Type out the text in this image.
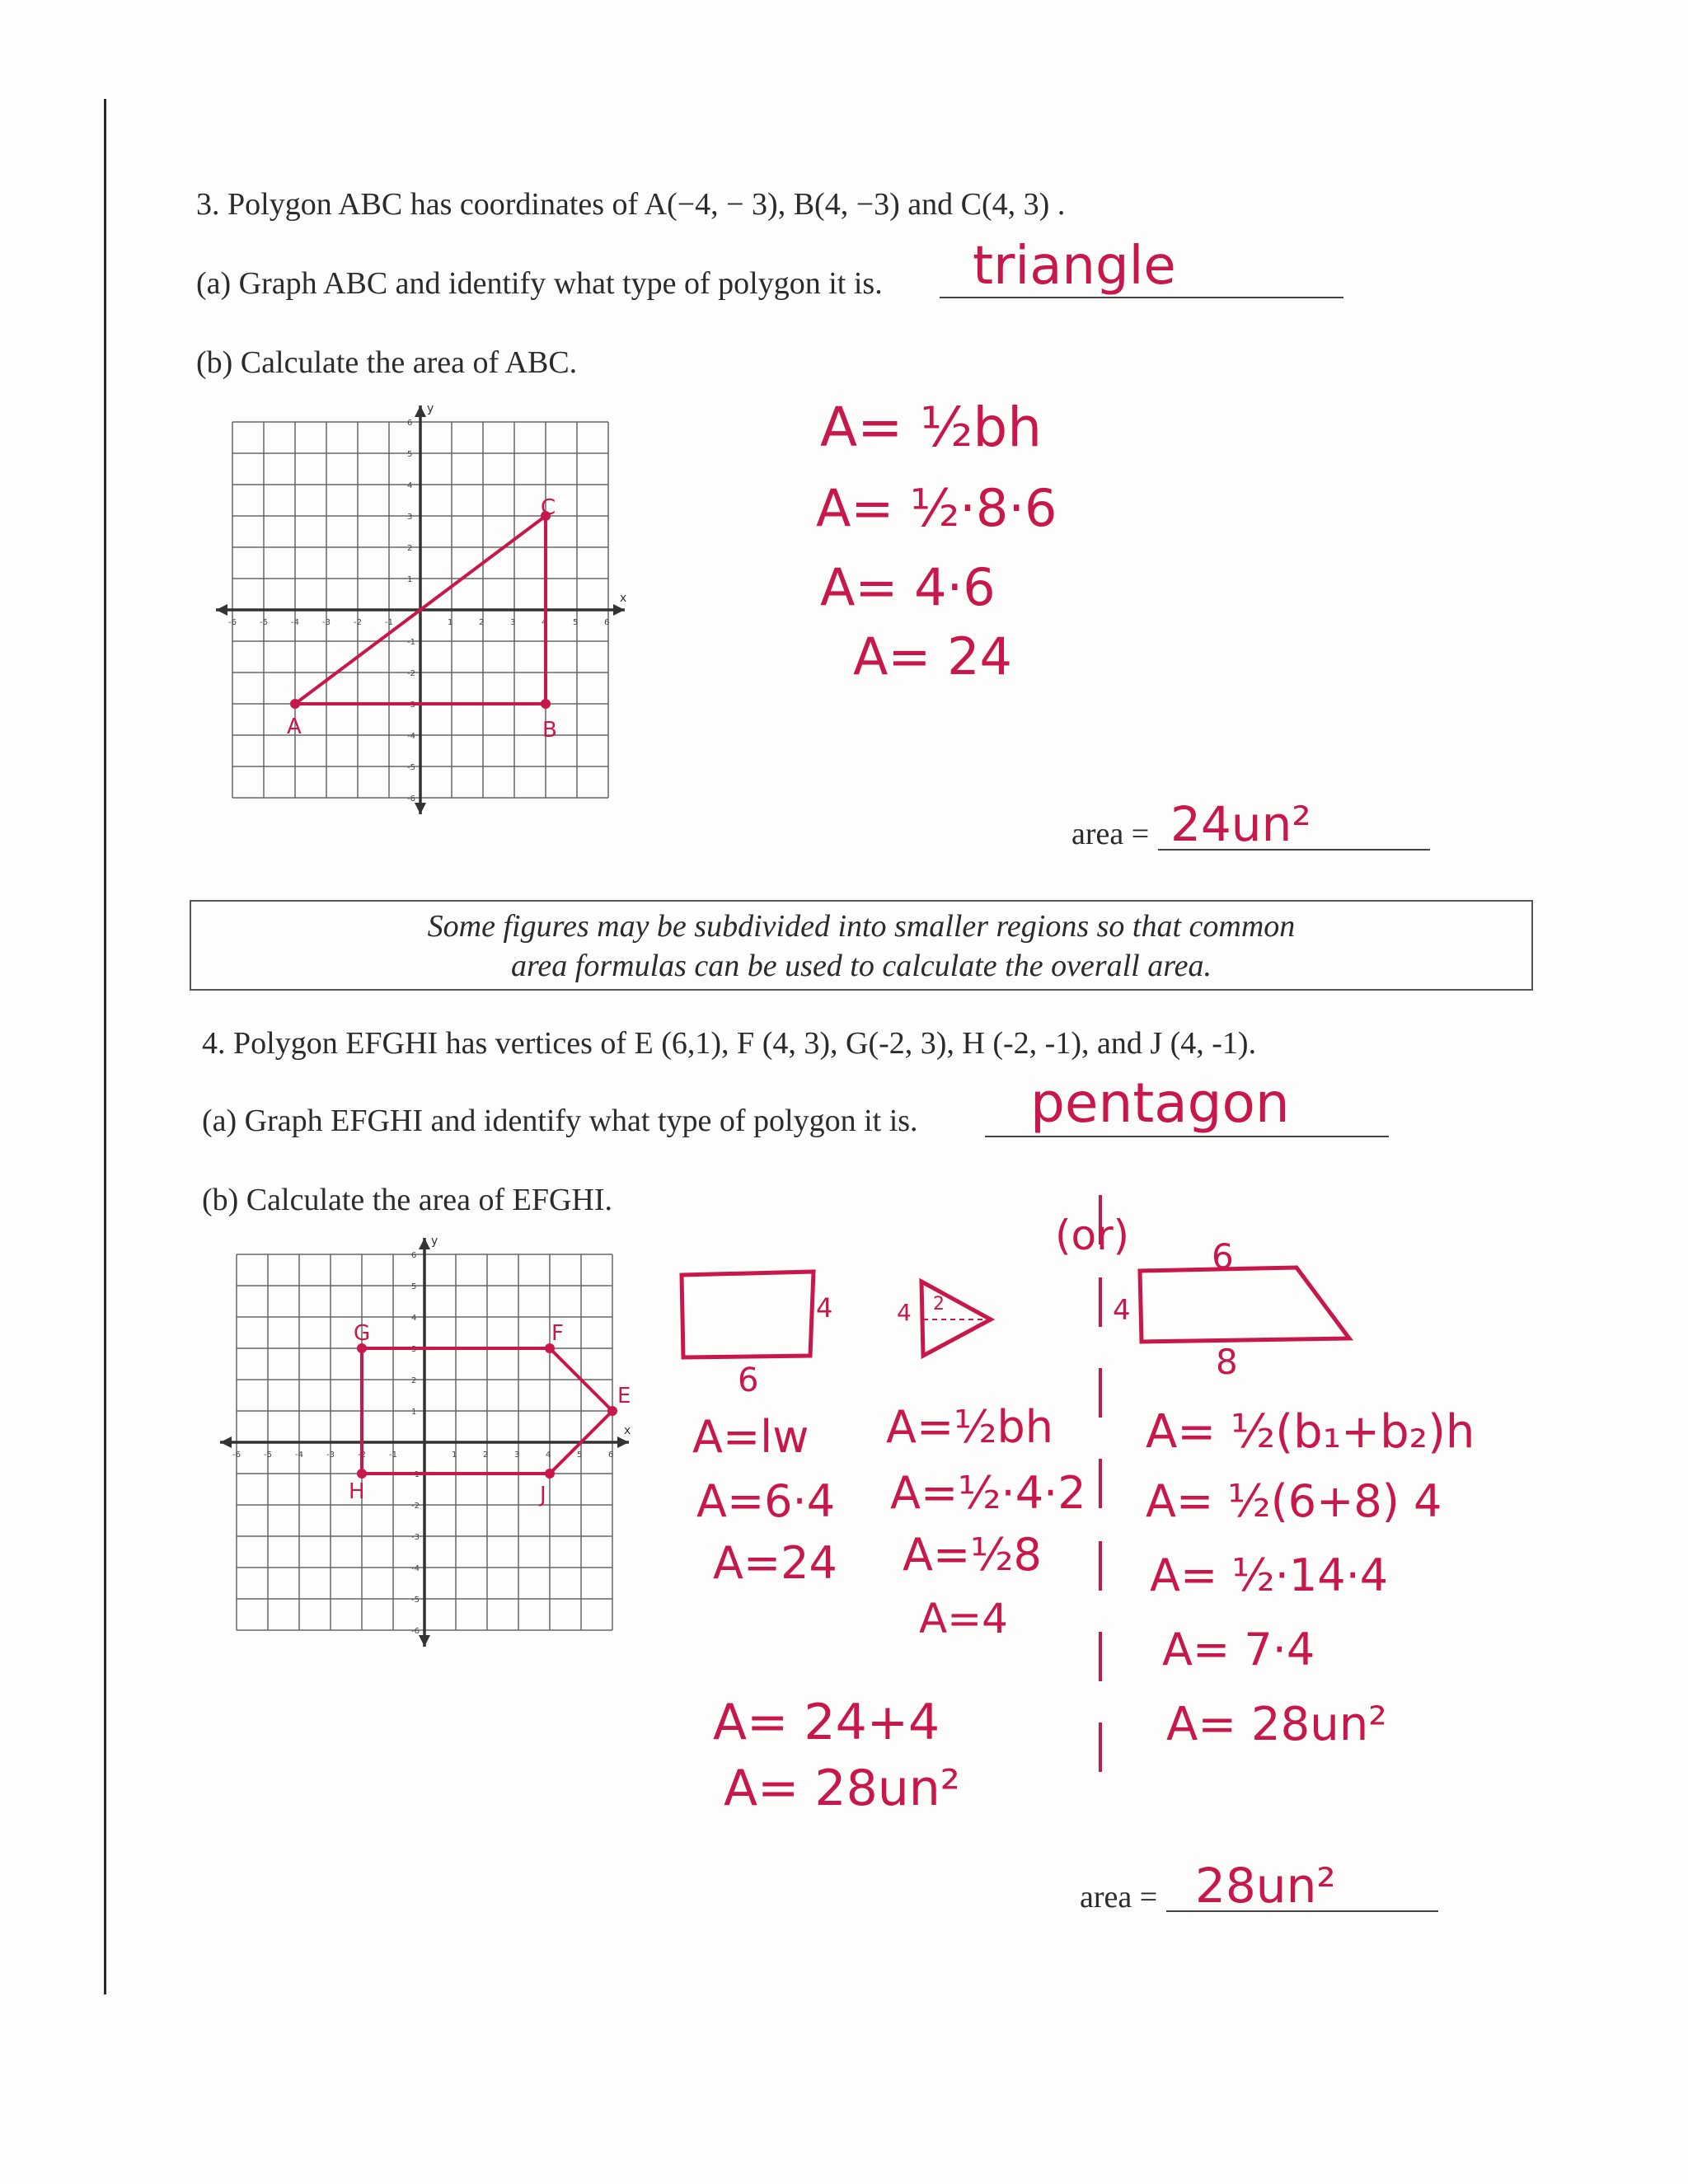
3. Polygon ABC has coordinates of A(−4, − 3), B(4, −3) and C(4, 3) .
(a) Graph ABC and identify what type of polygon it is. triangle
(b) Calculate the area of ABC.
x
y
-6
-6
-5
-5
-4
-4
-3
-3
-2
-2
-1
-1
1
1
2
2
3
3
4
4
5
5
6
6
A	B
C
A= ½bh
A= ½·8·6
A= 4·6
A= 24
area = 24un²
Some figures may be subdivided into smaller regions so that common
area formulas can be used to calculate the overall area.
4. Polygon EFGHI has vertices of E (6,1), F (4, 3), G(-2, 3), H (-2, -1), and J (4, -1).
(a) Graph EFGHI and identify what type of polygon it is. pentagon
(b) Calculate the area of EFGHI.
x
y
-6
-6
-5
-5
-4
-4
-3
-3
-2
-2
-1
-1
1
1
2
2
3
3
4
4
5
5
6
6
E
F
G
H	J
4
6
A=lw
A=6·4
A=24
4 2
A=½bh
A=½·4·2
A=½8
A=4
A= 24+4
A= 28un²
(or) 6
4
8
A= ½(b₁+b₂)h
A= ½(6+8) 4
A= ½·14·4
A= 7·4
A= 28un²
area = 28un²
